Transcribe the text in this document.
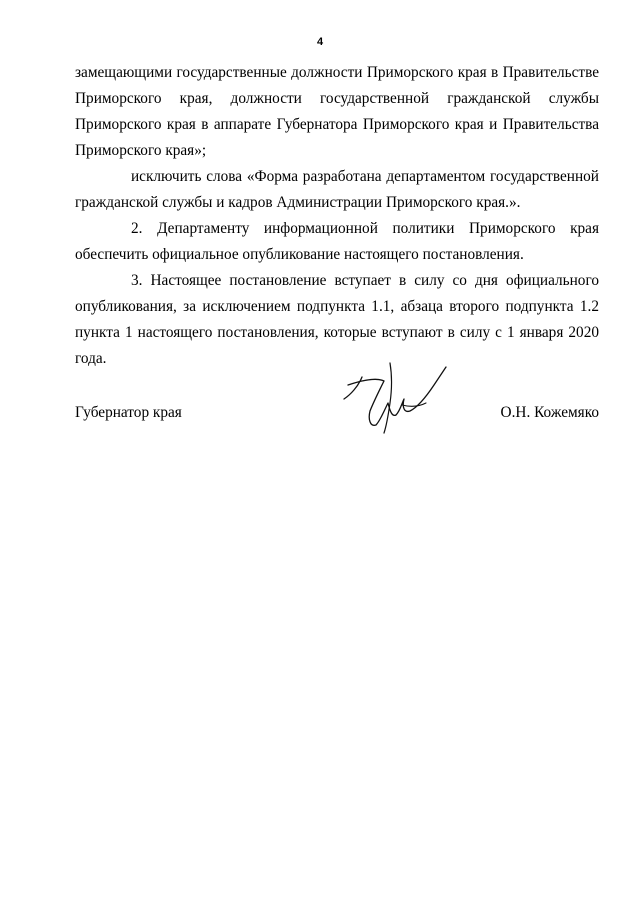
4

замещающими государственные должности Приморского края в Правительстве Приморского края, должности государственной гражданской службы Приморского края в аппарате Губернатора Приморского края и Правительства Приморского края»;

исключить слова «Форма разработана департаментом государственной гражданской службы и кадров Администрации Приморского края.».

2. Департаменту информационной политики Приморского края обеспечить официальное опубликование настоящего постановления.

3. Настоящее постановление вступает в силу со дня официального опубликования, за исключением подпункта 1.1, абзаца второго подпункта 1.2 пункта 1 настоящего постановления, которые вступают в силу с 1 января 2020 года.

Губернатор края	О.Н. Кожемяко
